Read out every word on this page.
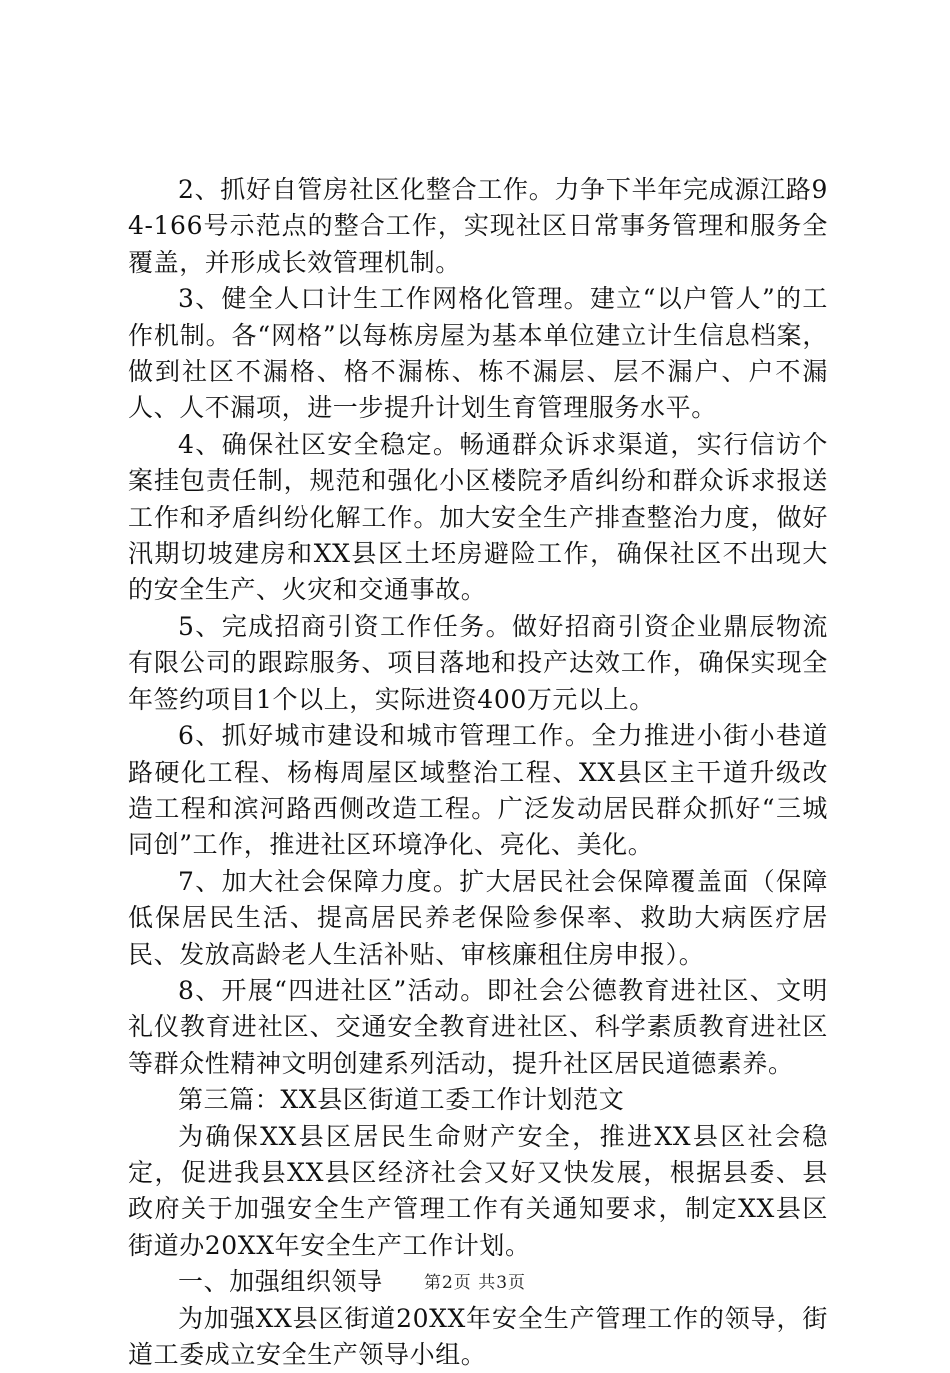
2、抓好自管房社区化整合工作。力争下半年完成源江路94-166号示范点的整合工作，实现社区日常事务管理和服务全覆盖，并形成长效管理机制。

3、健全人口计生工作网格化管理。建立“以户管人”的工作机制。各“网格”以每栋房屋为基本单位建立计生信息档案，做到社区不漏格、格不漏栋、栋不漏层、层不漏户、户不漏人、人不漏项，进一步提升计划生育管理服务水平。

4、确保社区安全稳定。畅通群众诉求渠道，实行信访个案挂包责任制，规范和强化小区楼院矛盾纠纷和群众诉求报送工作和矛盾纠纷化解工作。加大安全生产排查整治力度，做好汛期切坡建房和XX县区土坯房避险工作，确保社区不出现大的安全生产、火灾和交通事故。

5、完成招商引资工作任务。做好招商引资企业鼎辰物流有限公司的跟踪服务、项目落地和投产达效工作，确保实现全年签约项目1个以上，实际进资400万元以上。

6、抓好城市建设和城市管理工作。全力推进小街小巷道路硬化工程、杨梅周屋区域整治工程、XX县区主干道升级改造工程和滨河路西侧改造工程。广泛发动居民群众抓好“三城同创”工作，推进社区环境净化、亮化、美化。

7、加大社会保障力度。扩大居民社会保障覆盖面（保障低保居民生活、提高居民养老保险参保率、救助大病医疗居民、发放高龄老人生活补贴、审核廉租住房申报）。

8、开展“四进社区”活动。即社会公德教育进社区、文明礼仪教育进社区、交通安全教育进社区、科学素质教育进社区等群众性精神文明创建系列活动，提升社区居民道德素养。

第三篇：XX县区街道工委工作计划范文

为确保XX县区居民生命财产安全，推进XX县区社会稳定，促进我县XX县区经济社会又好又快发展，根据县委、县政府关于加强安全生产管理工作有关通知要求，制定XX县区街道办20XX年安全生产工作计划。

一、加强组织领导

为加强XX县区街道20XX年安全生产管理工作的领导，街道工委成立安全生产领导小组。

第2页 共3页
